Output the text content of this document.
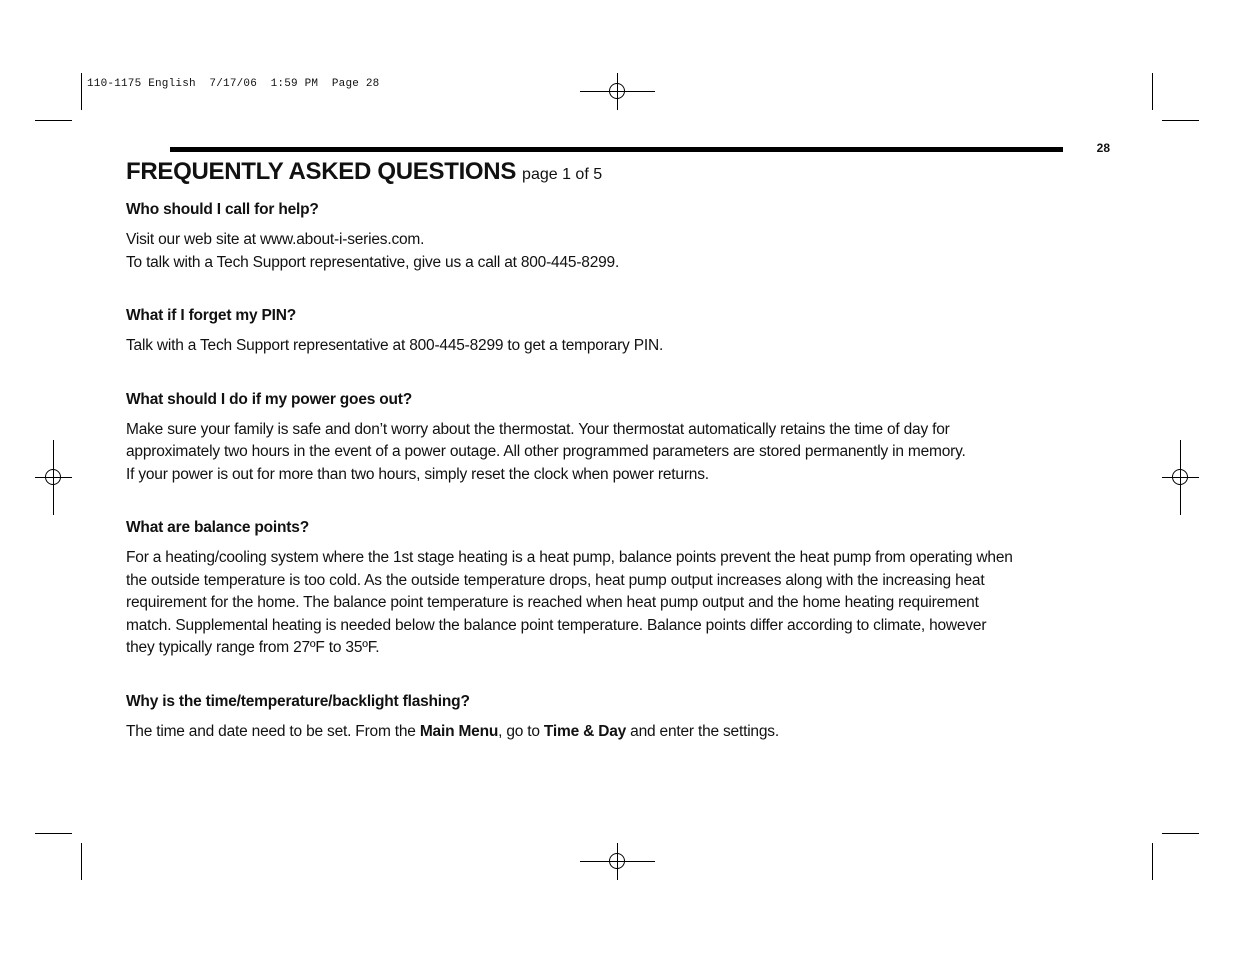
110-1175 English  7/17/06  1:59 PM  Page 28
28
FREQUENTLY ASKED QUESTIONS page 1 of 5
Who should I call for help?

Visit our web site at www.about-i-series.com.

To talk with a Tech Support representative, give us a call at 800-445-8299.

What if I forget my PIN?

Talk with a Tech Support representative at 800-445-8299 to get a temporary PIN.

What should I do if my power goes out?

Make sure your family is safe and don’t worry about the thermostat. Your thermostat automatically retains the time of day for

approximately two hours in the event of a power outage. All other programmed parameters are stored permanently in memory.

If your power is out for more than two hours, simply reset the clock when power returns.

What are balance points?

For a heating/cooling system where the 1st stage heating is a heat pump, balance points prevent the heat pump from operating when

the outside temperature is too cold. As the outside temperature drops, heat pump output increases along with the increasing heat

requirement for the home. The balance point temperature is reached when heat pump output and the home heating requirement

match. Supplemental heating is needed below the balance point temperature. Balance points differ according to climate, however

they typically range from 27ºF to 35ºF.

Why is the time/temperature/backlight flashing?

The time and date need to be set. From the Main Menu, go to Time & Day and enter the settings.
